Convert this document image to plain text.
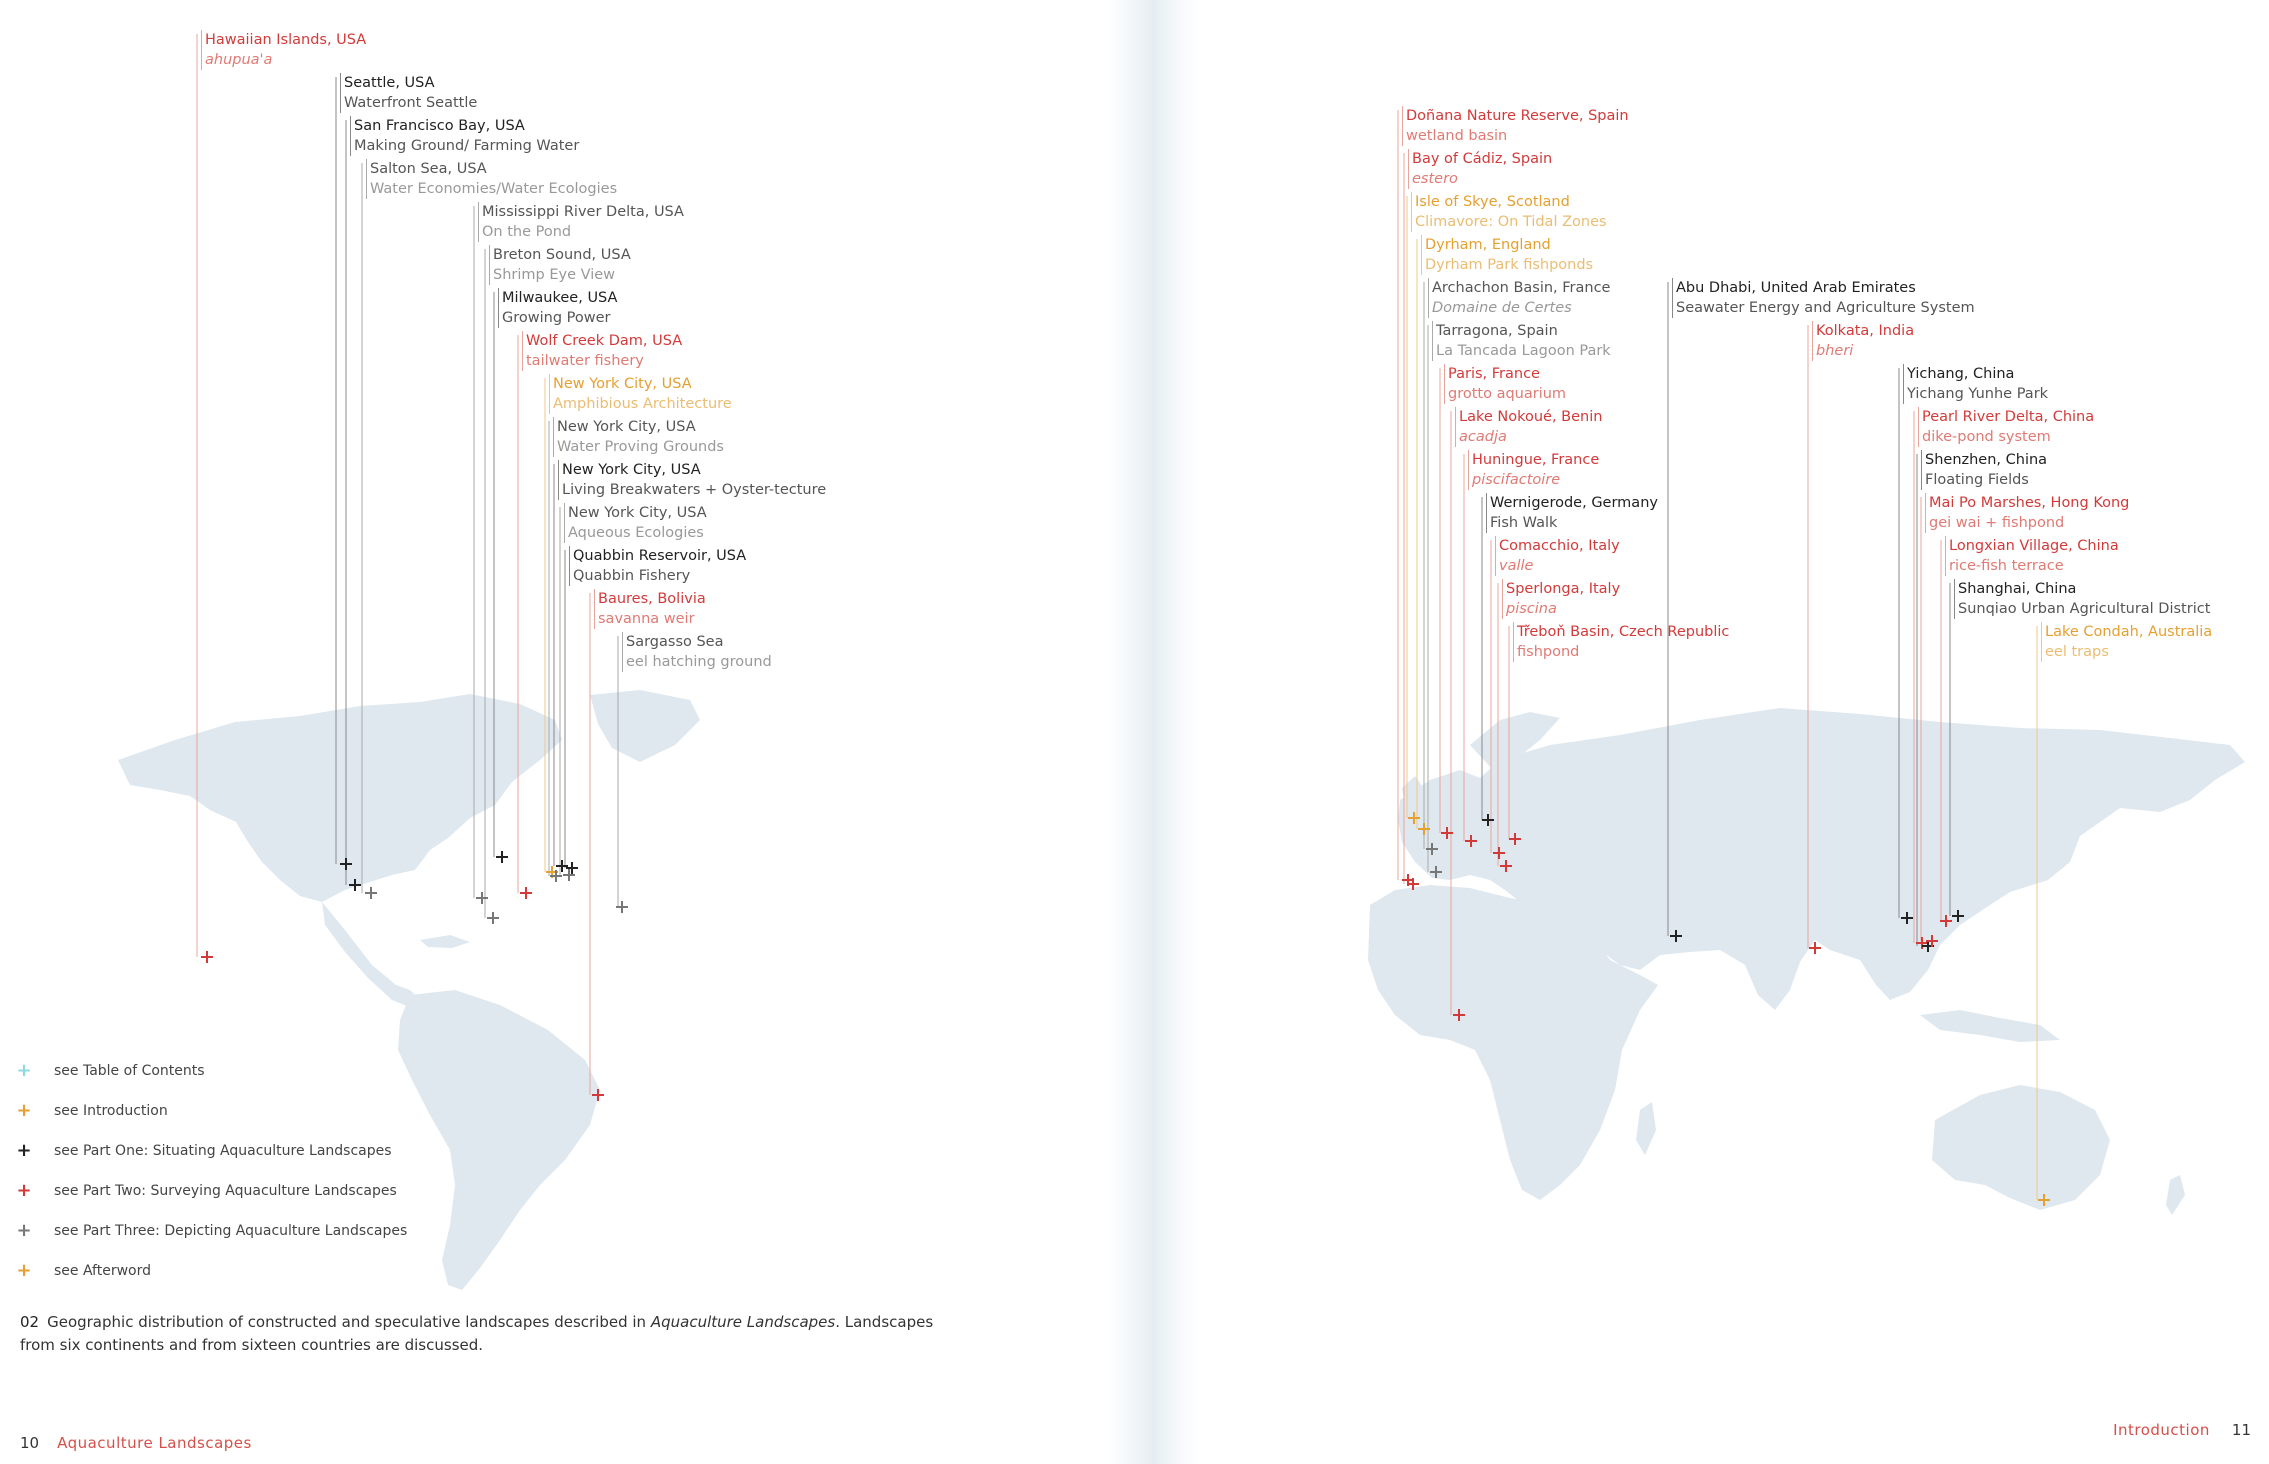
Hawaiian Islands, USA
ahupua'a
Seattle, USA
Waterfront Seattle
San Francisco Bay, USA
Making Ground/ Farming Water
Salton Sea, USA
Water Economies/Water Ecologies
Mississippi River Delta, USA
On the Pond
Breton Sound, USA
Shrimp Eye View
Milwaukee, USA
Growing Power
Wolf Creek Dam, USA
tailwater fishery
New York City, USA
Amphibious Architecture
New York City, USA
Water Proving Grounds
New York City, USA
Living Breakwaters + Oyster-tecture
New York City, USA
Aqueous Ecologies
Quabbin Reservoir, USA
Quabbin Fishery
Baures, Bolivia
savanna weir
Sargasso Sea
eel hatching ground
Doñana Nature Reserve, Spain
wetland basin
Bay of Cádiz, Spain
estero
Isle of Skye, Scotland
Climavore: On Tidal Zones
Dyrham, England
Dyrham Park fishponds
Archachon Basin, France
Domaine de Certes
Tarragona, Spain
La Tancada Lagoon Park
Paris, France
grotto aquarium
Lake Nokoué, Benin
acadja
Huningue, France
piscifactoire
Wernigerode, Germany
Fish Walk
Comacchio, Italy
valle
Sperlonga, Italy
piscina
Třeboň Basin, Czech Republic
fishpond
Abu Dhabi, United Arab Emirates
Seawater Energy and Agriculture System
Kolkata, India
bheri
Yichang, China
Yichang Yunhe Park
Pearl River Delta, China
dike-pond system
Shenzhen, China
Floating Fields
Mai Po Marshes, Hong Kong
gei wai + fishpond
Longxian Village, China
rice-fish terrace
Shanghai, China
Sunqiao Urban Agricultural District
Lake Condah, Australia
eel traps
+ see Table of Contents
+ see Introduction
+ see Part One: Situating Aquaculture Landscapes
+ see Part Two: Surveying Aquaculture Landscapes
+ see Part Three: Depicting Aquaculture Landscapes
+ see Afterword
02 Geographic distribution of constructed and speculative landscapes described in Aquaculture Landscapes. Landscapes from six continents and from sixteen countries are discussed.
10 Aquaculture Landscapes
Introduction 11
